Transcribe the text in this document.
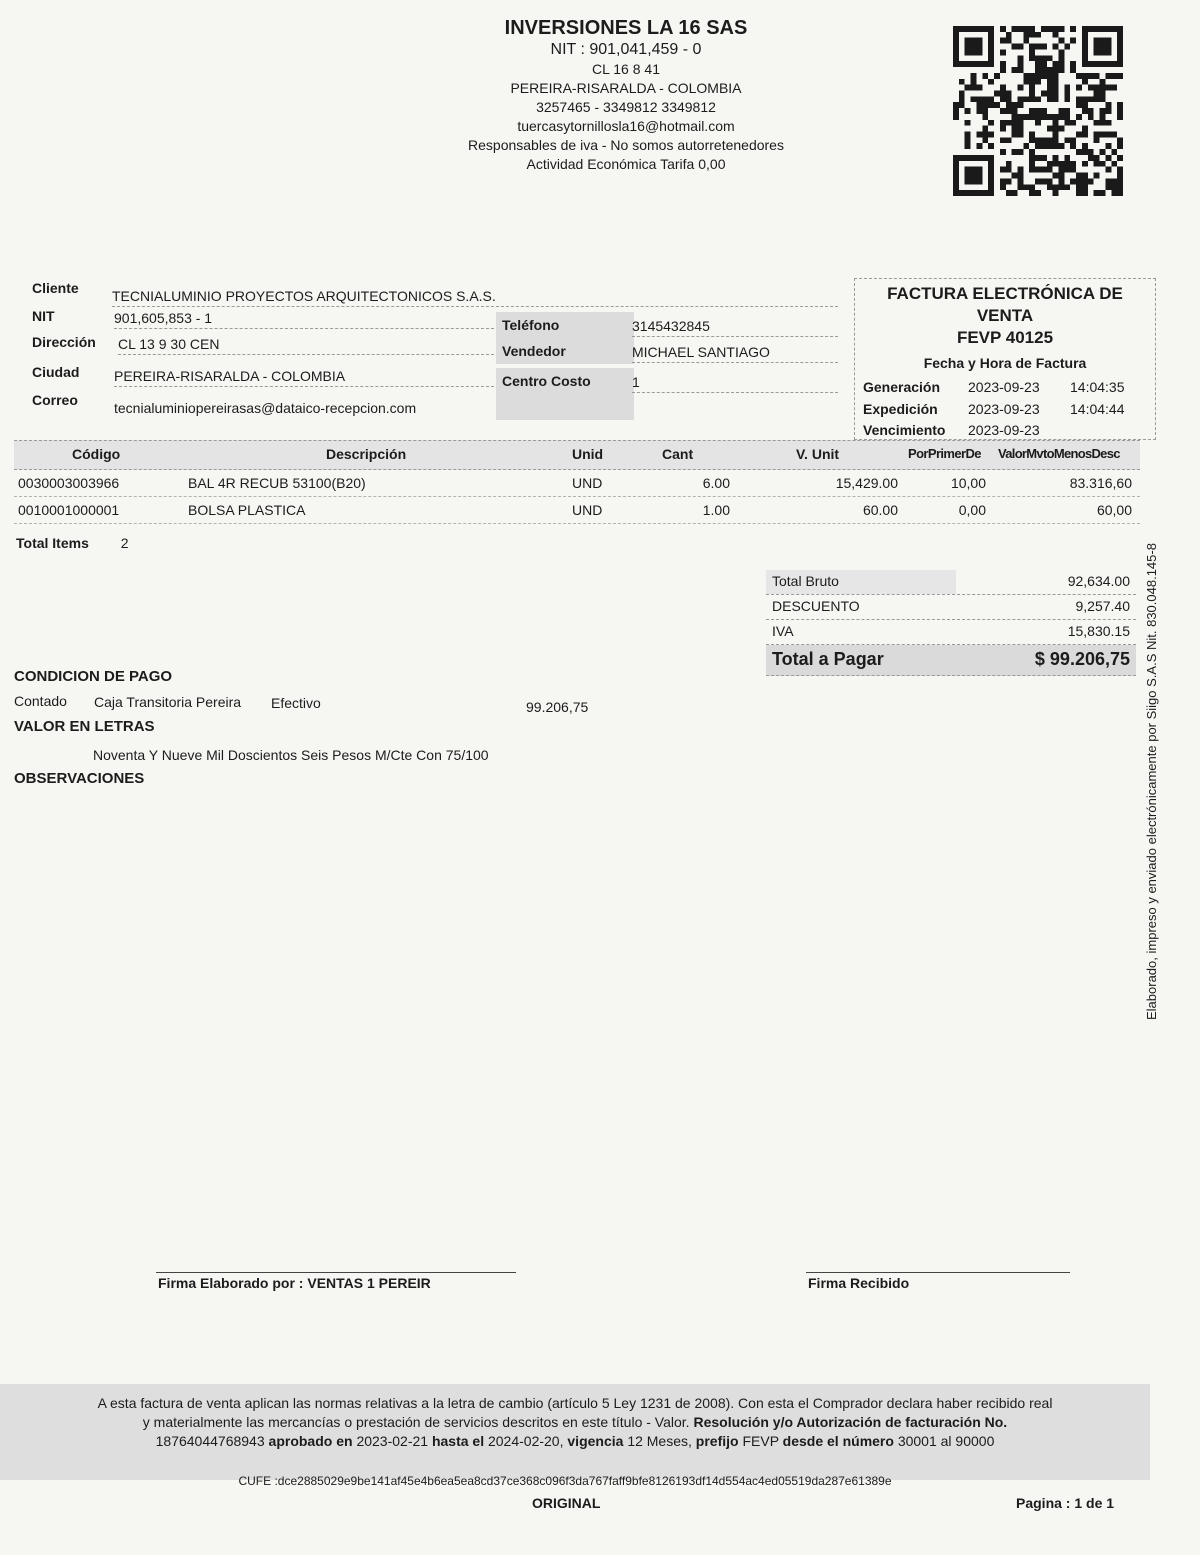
INVERSIONES LA 16 SAS
NIT : 901,041,459 - 0
CL 16 8 41
PEREIRA-RISARALDA - COLOMBIA
3257465 - 3349812 3349812
tuercasytornillosla16@hotmail.com
Responsables de iva - No somos autorretenedores
Actividad Económica Tarifa 0,00
Cliente TECNIALUMINIO PROYECTOS ARQUITECTONICOS S.A.S.
NIT	901,605,853 - 1
Dirección CL 13 9 30 CEN
Ciudad PEREIRA-RISARALDA - COLOMBIA
Correo	tecnialuminiopereirasas@dataico-recepcion.com
Teléfono	3145432845
Vendedor	MICHAEL SANTIAGO
Centro Costo	1
FACTURA ELECTRÓNICA DE
VENTA
FEVP 40125
Fecha y Hora de Factura
Generación 2023-09-23 14:04:35
Expedición 2023-09-23 14:04:44
Vencimiento 2023-09-23
Código	Descripción	Unid	Cant	V. Unit	PorPrimerDe ValorMvtoMenosDesc
0030003003966	BAL 4R RECUB 53100(B20)	UND	6.00	15,429.00	10,00	83.316,60
0010001000001	BOLSA PLASTICA	UND	1.00	60.00	0,00	60,00
Total Items 2
Total Bruto	92,634.00
DESCUENTO	9,257.40
IVA	15,830.15
Total a Pagar	$ 99.206,75
CONDICION DE PAGO
Contado Caja Transitoria Pereira Efectivo	99.206,75
VALOR EN LETRAS
Noventa Y Nueve Mil Doscientos Seis Pesos M/Cte Con 75/100
OBSERVACIONES
Firma Elaborado por : VENTAS 1 PEREIR	Firma Recibido
A esta factura de venta aplican las normas relativas a la letra de cambio (artículo 5 Ley 1231 de 2008). Con esta el Comprador declara haber recibido real
y materialmente las mercancías o prestación de servicios descritos en este título - Valor. Resolución y/o Autorización de facturación No.
18764044768943 aprobado en 2023-02-21 hasta el 2024-02-20, vigencia 12 Meses, prefijo FEVP desde el número 30001 al 90000
CUFE :dce2885029e9be141af45e4b6ea5ea8cd37ce368c096f3da767faff9bfe8126193df14d554ac4ed05519da287e61389e
ORIGINAL	Pagina : 1 de 1
Elaborado, impreso y enviado electrónicamente por Siigo S.A.S Nit. 830.048.145-8
